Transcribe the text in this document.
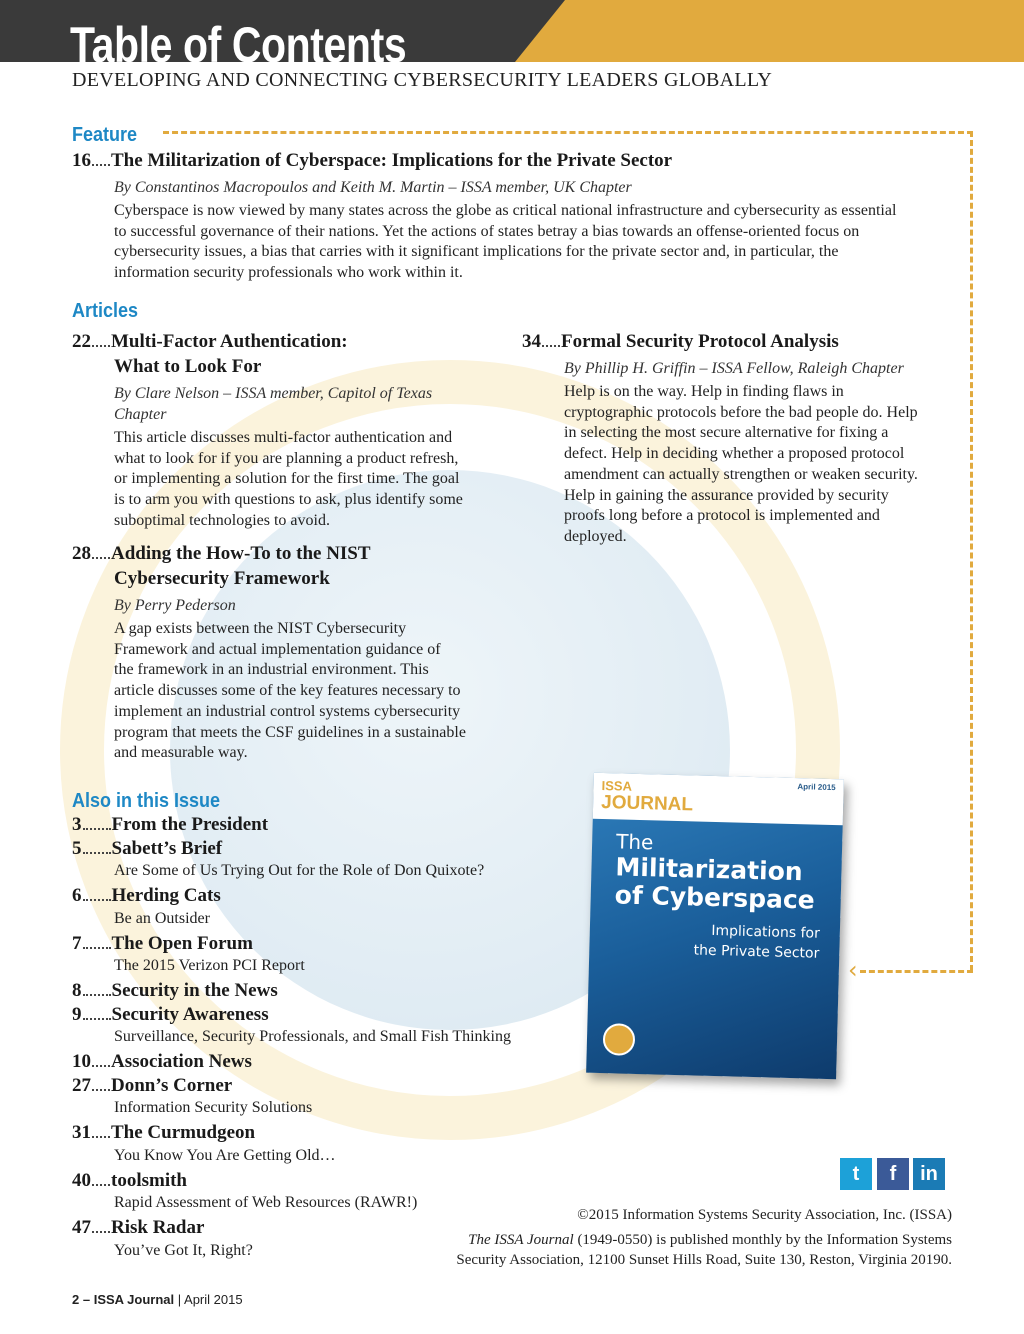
Table of Contents
DEVELOPING AND CONNECTING CYBERSECURITY LEADERS GLOBALLY
‹
Feature
16 The Militarization of Cyberspace: Implications for the Private Sector
By Constantinos Macropoulos and Keith M. Martin – ISSA member, UK Chapter
Cyberspace is now viewed by many states across the globe as critical national infrastructure and cybersecurity as essential
to successful governance of their nations. Yet the actions of states betray a bias towards an offense-oriented focus on
cybersecurity issues, a bias that carries with it significant implications for the private sector and, in particular, the
information security professionals who work within it.
Articles
22 Multi-Factor Authentication:
What to Look For
By Clare Nelson – ISSA member, Capitol of Texas
Chapter
This article discusses multi-factor authentication and
what to look for if you are planning a product refresh,
or implementing a solution for the first time. The goal
is to arm you with questions to ask, plus identify some
suboptimal technologies to avoid.
28 Adding the How-To to the NIST
Cybersecurity Framework
By Perry Pederson
A gap exists between the NIST Cybersecurity
Framework and actual implementation guidance of
the framework in an industrial environment. This
article discusses some of the key features necessary to
implement an industrial control systems cybersecurity
program that meets the CSF guidelines in a sustainable
and measurable way.
34 Formal Security Protocol Analysis
By Phillip H. Griffin – ISSA Fellow, Raleigh Chapter
Help is on the way. Help in finding flaws in
cryptographic protocols before the bad people do. Help
in selecting the most secure alternative for fixing a
defect. Help in deciding whether a proposed protocol
amendment can actually strengthen or weaken security.
Help in gaining the assurance provided by security
proofs long before a protocol is implemented and
deployed.
Also in this Issue
3 From the President
5 Sabett’s Brief
Are Some of Us Trying Out for the Role of Don Quixote?
6 Herding Cats
Be an Outsider
7 The Open Forum
The 2015 Verizon PCI Report
8 Security in the News
9 Security Awareness
Surveillance, Security Professionals, and Small Fish Thinking
10 Association News
27 Donn’s Corner
Information Security Solutions
31 The Curmudgeon
You Know You Are Getting Old…
40 toolsmith
Rapid Assessment of Web Resources (RAWR!)
47 Risk Radar
You’ve Got It, Right?
ISSA
JOURNAL
April 2015
The
Militarization
of Cyberspace
Implications for
the Private Sector
t	f	in
©2015 Information Systems Security Association, Inc. (ISSA)
The ISSA Journal (1949-0550) is published monthly by the Information Systems
Security Association, 12100 Sunset Hills Road, Suite 130, Reston, Virginia 20190.
2 – ISSA Journal | April 2015
